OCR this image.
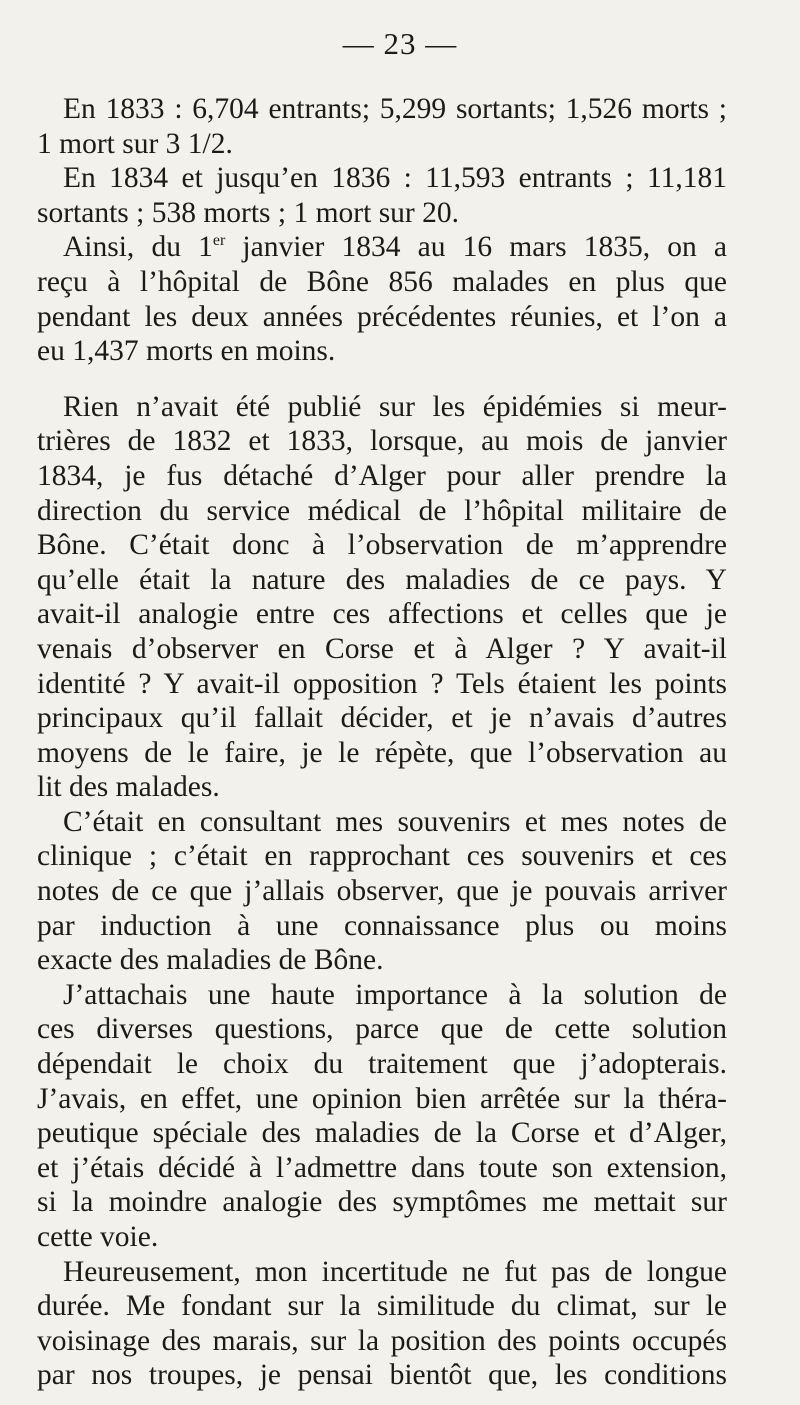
— 23 —
En 1833 : 6,704 entrants; 5,299 sortants; 1,526 morts ;
1 mort sur 3 1/2.
En 1834 et jusqu’en 1836 : 11,593 entrants ; 11,181
sortants ; 538 morts ; 1 mort sur 20.
Ainsi, du 1er janvier 1834 au 16 mars 1835, on a
reçu à l’hôpital de Bône 856 malades en plus que
pendant les deux années précédentes réunies, et l’on a
eu 1,437 morts en moins.
Rien n’avait été publié sur les épidémies si meur-
trières de 1832 et 1833, lorsque, au mois de janvier
1834, je fus détaché d’Alger pour aller prendre la
direction du service médical de l’hôpital militaire de
Bône. C’était donc à l’observation de m’apprendre
qu’elle était la nature des maladies de ce pays. Y
avait-il analogie entre ces affections et celles que je
venais d’observer en Corse et à Alger ? Y avait-il
identité ? Y avait-il opposition ? Tels étaient les points
principaux qu’il fallait décider, et je n’avais d’autres
moyens de le faire, je le répète, que l’observation au
lit des malades.
C’était en consultant mes souvenirs et mes notes de
clinique ; c’était en rapprochant ces souvenirs et ces
notes de ce que j’allais observer, que je pouvais arriver
par induction à une connaissance plus ou moins
exacte des maladies de Bône.
J’attachais une haute importance à la solution de
ces diverses questions, parce que de cette solution
dépendait le choix du traitement que j’adopterais.
J’avais, en effet, une opinion bien arrêtée sur la théra-
peutique spéciale des maladies de la Corse et d’Alger,
et j’étais décidé à l’admettre dans toute son extension,
si la moindre analogie des symptômes me mettait sur
cette voie.
Heureusement, mon incertitude ne fut pas de longue
durée. Me fondant sur la similitude du climat, sur le
voisinage des marais, sur la position des points occupés
par nos troupes, je pensai bientôt que, les conditions
